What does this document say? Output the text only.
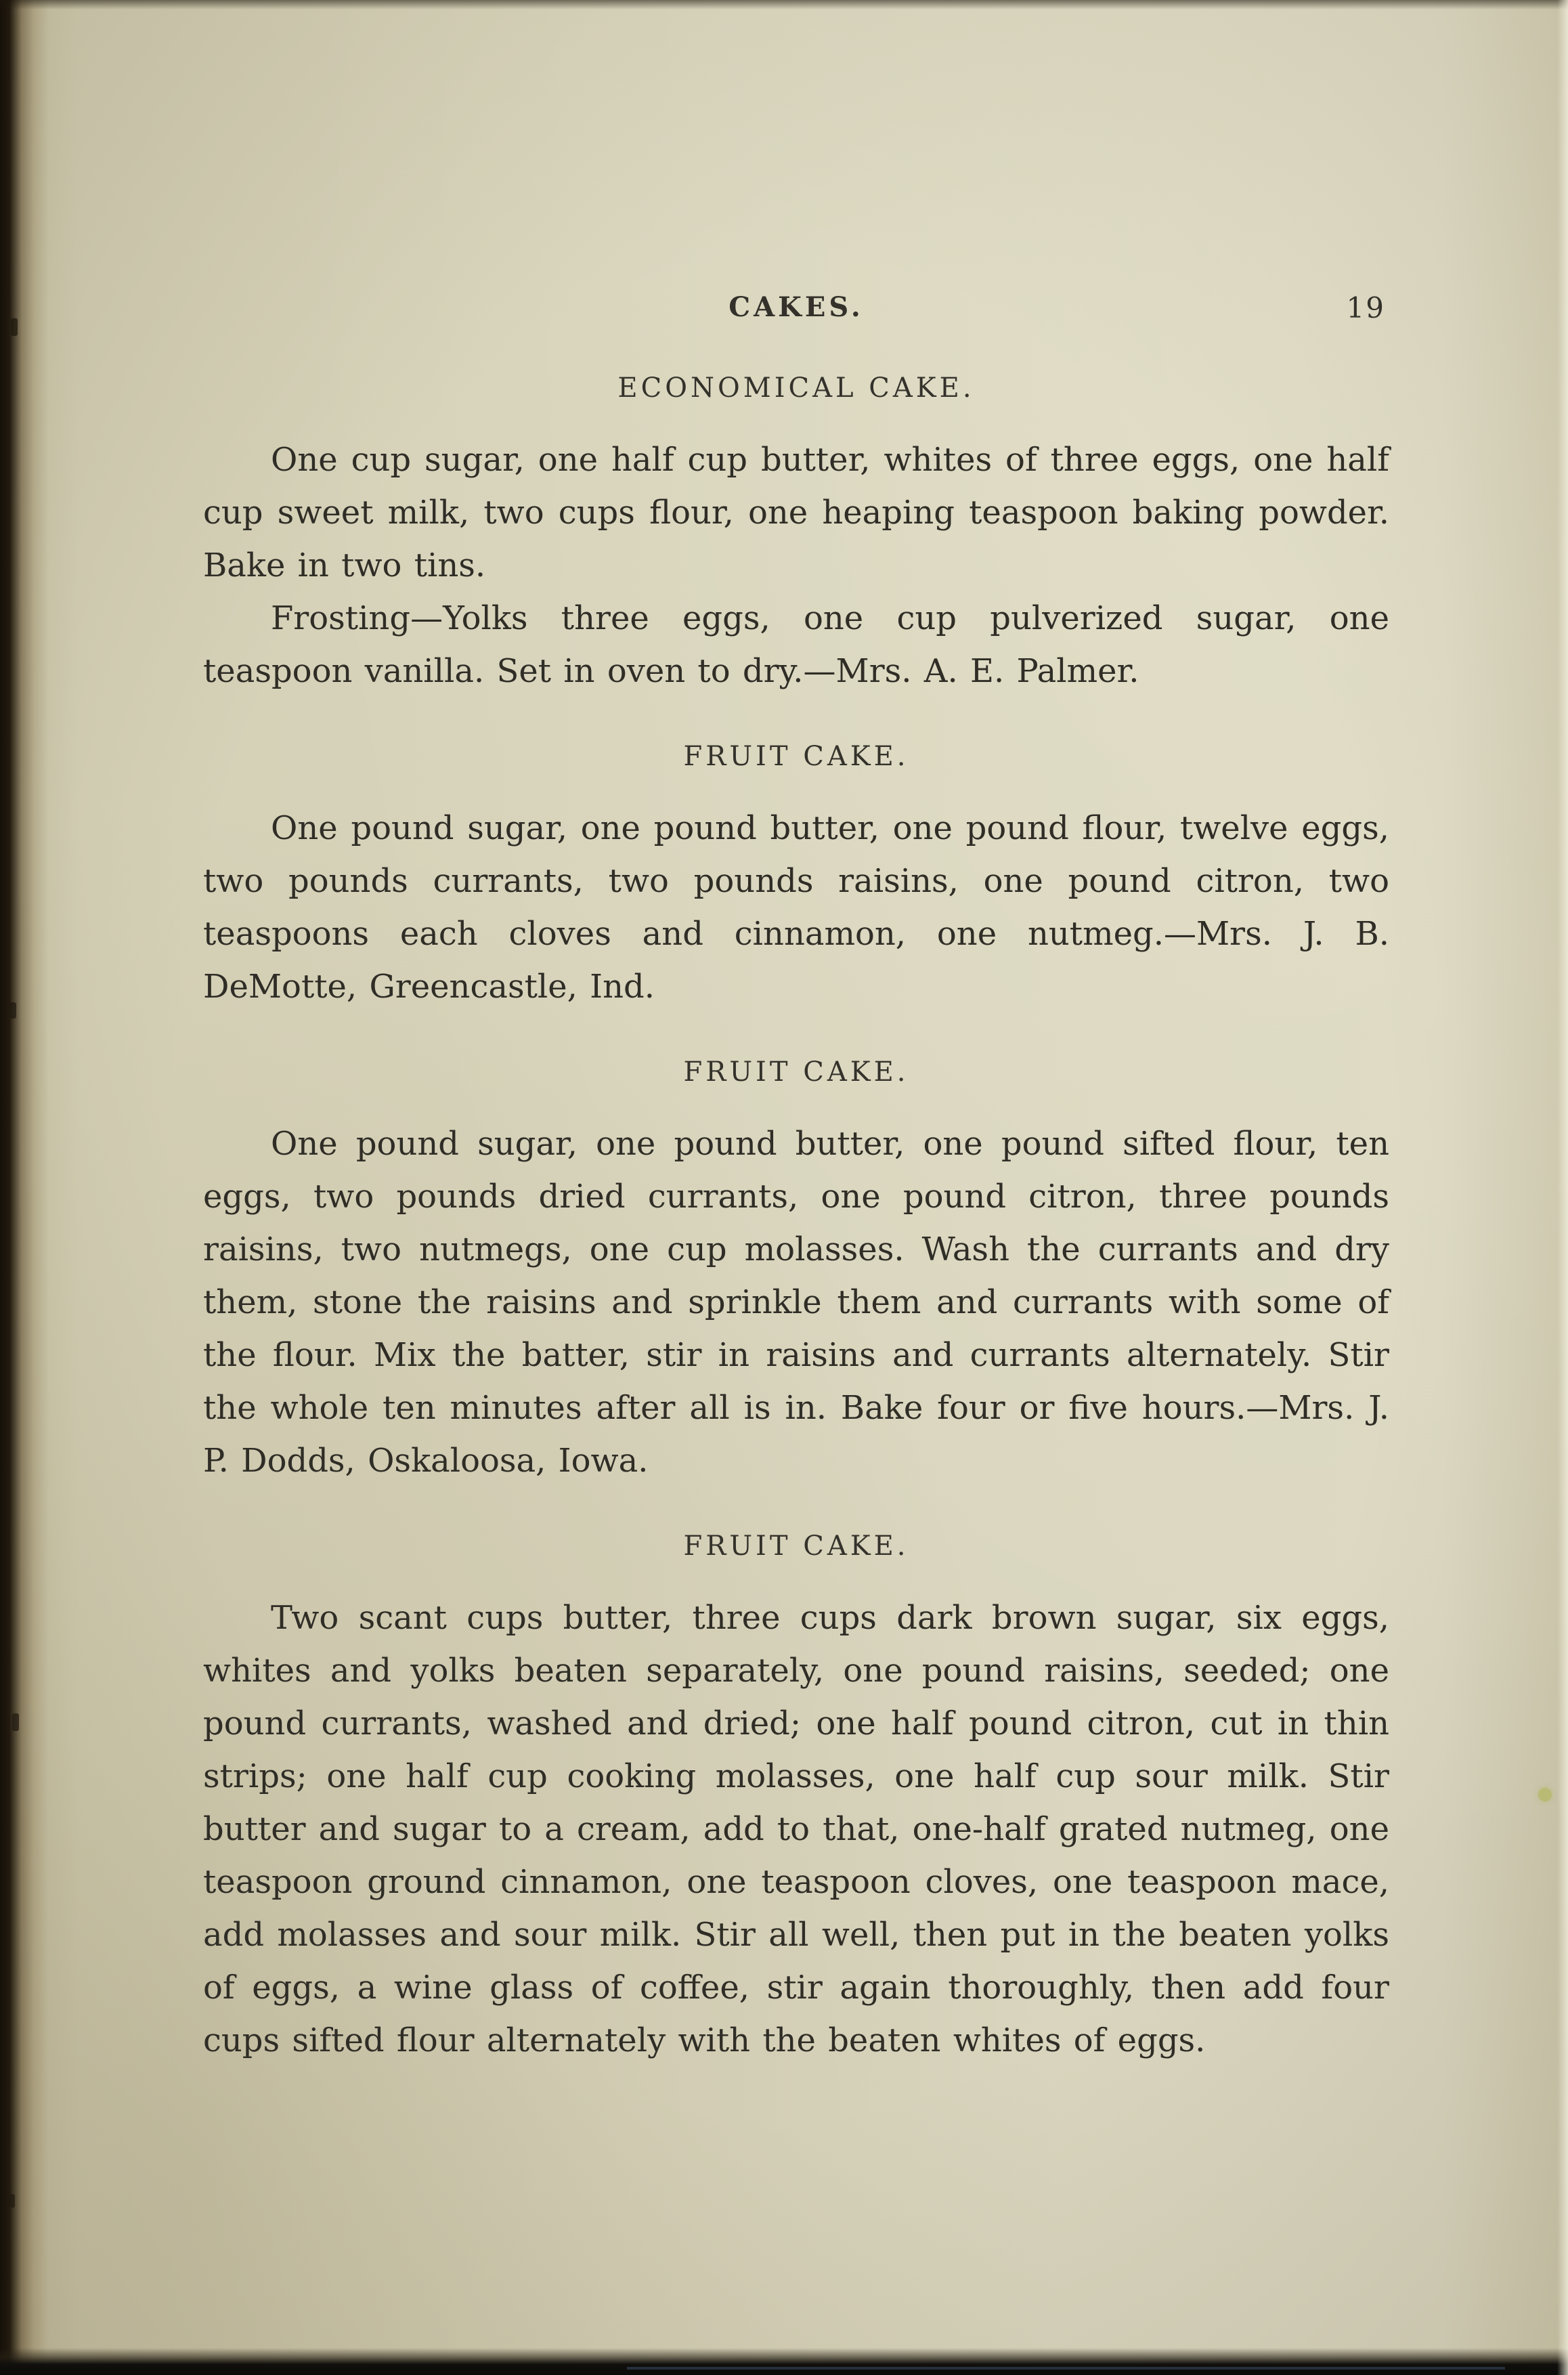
CAKES.	19
ECONOMICAL CAKE.

One cup sugar, one half cup butter, whites of three eggs, one half cup sweet milk, two cups flour, one heaping teaspoon baking powder. Bake in two tins.

Frosting—Yolks three eggs, one cup pulverized sugar, one teaspoon vanilla. Set in oven to dry.—Mrs. A. E. Palmer.

FRUIT CAKE.

One pound sugar, one pound butter, one pound flour, twelve eggs, two pounds currants, two pounds raisins, one pound citron, two teaspoons each cloves and cinnamon, one nutmeg.—Mrs. J. B. DeMotte, Greencastle, Ind.

FRUIT CAKE.

One pound sugar, one pound butter, one pound sifted flour, ten eggs, two pounds dried currants, one pound citron, three pounds raisins, two nutmegs, one cup molasses. Wash the currants and dry them, stone the raisins and sprinkle them and currants with some of the flour. Mix the batter, stir in raisins and currants alternately. Stir the whole ten minutes after all is in. Bake four or five hours.—Mrs. J. P. Dodds, Oskaloosa, Iowa.

FRUIT CAKE.

Two scant cups butter, three cups dark brown sugar, six eggs, whites and yolks beaten separately, one pound raisins, seeded; one pound currants, washed and dried; one half pound citron, cut in thin strips; one half cup cooking molasses, one half cup sour milk. Stir butter and sugar to a cream, add to that, one-half grated nutmeg, one teaspoon ground cinnamon, one teaspoon cloves, one teaspoon mace, add molasses and sour milk. Stir all well, then put in the beaten yolks of eggs, a wine glass of coffee, stir again thoroughly, then add four cups sifted flour alternately with the beaten whites of eggs.
